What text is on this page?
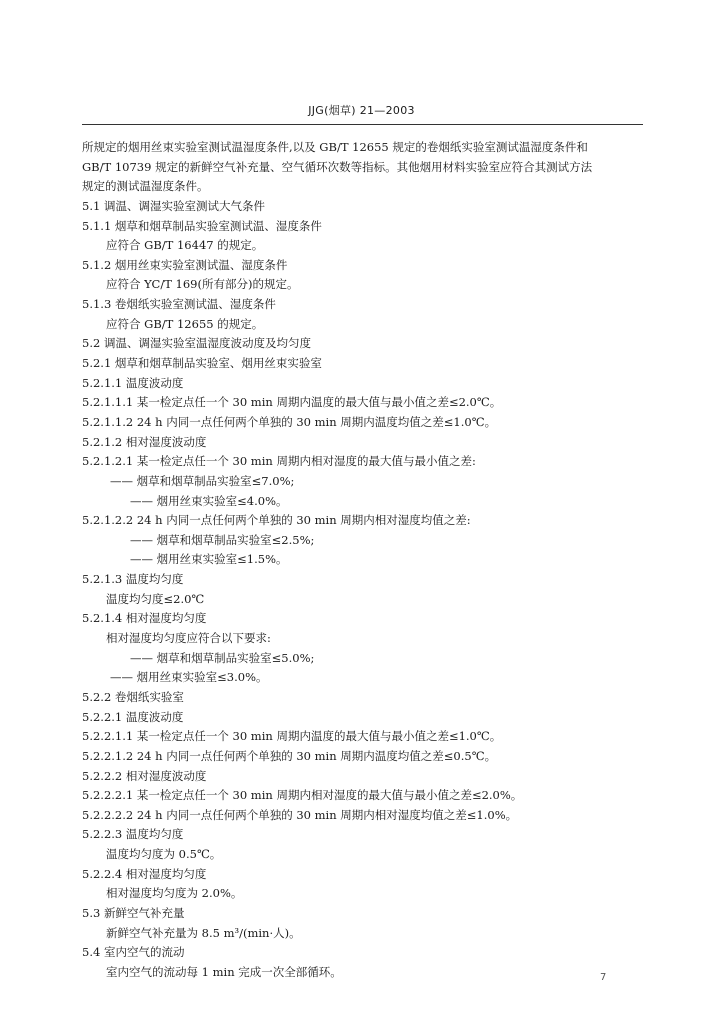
JJG(烟草) 21—2003
所规定的烟用丝束实验室测试温湿度条件,以及 GB/T 12655 规定的卷烟纸实验室测试温湿度条件和
GB/T 10739 规定的新鲜空气补充量、空气循环次数等指标。其他烟用材料实验室应符合其测试方法
规定的测试温湿度条件。
5.1 调温、调湿实验室测试大气条件
5.1.1 烟草和烟草制品实验室测试温、湿度条件
应符合 GB/T 16447 的规定。
5.1.2 烟用丝束实验室测试温、湿度条件
应符合 YC/T 169(所有部分)的规定。
5.1.3 卷烟纸实验室测试温、湿度条件
应符合 GB/T 12655 的规定。
5.2 调温、调湿实验室温湿度波动度及均匀度
5.2.1 烟草和烟草制品实验室、烟用丝束实验室
5.2.1.1 温度波动度
5.2.1.1.1 某一检定点任一个 30 min 周期内温度的最大值与最小值之差≤2.0℃。
5.2.1.1.2 24 h 内同一点任何两个单独的 30 min 周期内温度均值之差≤1.0℃。
5.2.1.2 相对湿度波动度
5.2.1.2.1 某一检定点任一个 30 min 周期内相对湿度的最大值与最小值之差:
—— 烟草和烟草制品实验室≤7.0%;
—— 烟用丝束实验室≤4.0%。
5.2.1.2.2 24 h 内同一点任何两个单独的 30 min 周期内相对湿度均值之差:
—— 烟草和烟草制品实验室≤2.5%;
—— 烟用丝束实验室≤1.5%。
5.2.1.3 温度均匀度
温度均匀度≤2.0℃
5.2.1.4 相对湿度均匀度
相对湿度均匀度应符合以下要求:
—— 烟草和烟草制品实验室≤5.0%;
—— 烟用丝束实验室≤3.0%。
5.2.2 卷烟纸实验室
5.2.2.1 温度波动度
5.2.2.1.1 某一检定点任一个 30 min 周期内温度的最大值与最小值之差≤1.0℃。
5.2.2.1.2 24 h 内同一点任何两个单独的 30 min 周期内温度均值之差≤0.5℃。
5.2.2.2 相对湿度波动度
5.2.2.2.1 某一检定点任一个 30 min 周期内相对湿度的最大值与最小值之差≤2.0%。
5.2.2.2.2 24 h 内同一点任何两个单独的 30 min 周期内相对湿度均值之差≤1.0%。
5.2.2.3 温度均匀度
温度均匀度为 0.5℃。
5.2.2.4 相对湿度均匀度
相对湿度均匀度为 2.0%。
5.3 新鲜空气补充量
新鲜空气补充量为 8.5 m³/(min·人)。
5.4 室内空气的流动
室内空气的流动每 1 min 完成一次全部循环。	7
